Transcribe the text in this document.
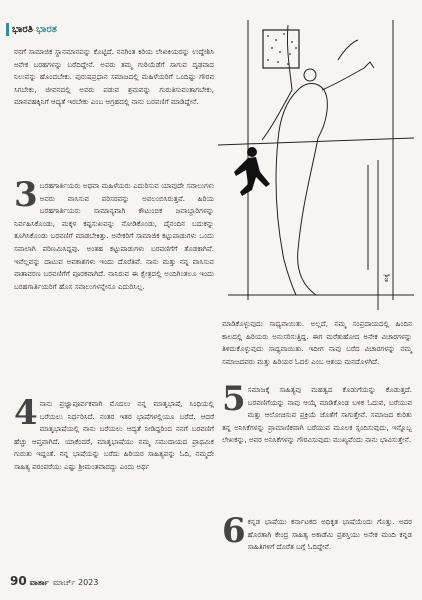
ಭಾರತಿ ಭಾರತ

ನನಗೆ ಸಾಮಾಜಿಕ ಸ್ಥಾನಮಾನವನ್ನು ಕೊಟ್ಟಿದೆ. ನನಗಿಂತ ಕಿರಿಯ ಲೇಖಕಿಯರನ್ನು ಉದ್ದೇಶಿಸಿ ಅನೇಕ ಬರಹಗಳನ್ನು ಬರೆದಿದ್ದೇನೆ. ಅವರು ತಮ್ಮ ಗುರಿಯೆಡೆಗೆ ಸಾಗುವ ದೃಢವಾದ ನಿಲುವನ್ನು ಹೊಂದಬೇಕು. ಪುರುಷಪ್ರಧಾನ ಸಮಾಜದಲ್ಲಿ ಮಹಿಳೆಯರಿಗೆ ಒಂದಿಷ್ಟು ಗೌರವ ಸಿಗಬೇಕು, ಜೀವನದಲ್ಲಿ ಅವರು ಪಡುವ ಶ್ರಮವನ್ನು ಗುರುತಿಸುವಂತಾಗಬೇಕು, ಮಾನವಹಕ್ಕಿನಿಗೆ ಆದ್ಯತೆ ಇರಬೇಕು ಎಂಬ ಆಗ್ರಹದಲ್ಲಿ ನಾನು ಬರವಣಿಗೆ ಮಾಡಿದ್ದೇನೆ.

3 ಬರಹಗಾರ್ತಿಯರು ಅಥವಾ ಮಹಿಳೆಯರು ಎದುರಿಸುವ ಯಾವುದೇ ಸವಾಲುಗಳು ಅವರು ವಾಸಿಸುವ ಪರಿಸರವನ್ನು ಅವಲಂಬಿಸಿರುತ್ತವೆ. ಹಿರಿಯ ಬರಹಗಾರ್ತಿಯರು ಸಾಮಾನ್ಯವಾಗಿ ಕೌಟುಂಬಿಕ ಜವಾಬ್ದಾರಿಗಳನ್ನು ನಿರ್ವಹಿಸಿಕೊಂಡು, ಮಕ್ಕಳ ಕಷ್ಟಸುಖವನ್ನು ನೋಡಿಕೊಂಡು, ದೈನಂದಿನ ಬದುಕನ್ನು ತೂಗಿಸಿಕೊಂಡು ಬರವಣಿಗೆ ಮಾಡಬೇಕಿತ್ತು. ಅನೇಕರಿಗೆ ಸಾಮಾಜಿಕ ಕಟ್ಟುಪಾಡುಗಳು ಒಂದು ಸವಾಲಾಗಿ ಪರಿಣಮಿಸಿದ್ದವು. ಅಂತಹ ಕಟ್ಟುಪಾಡುಗಳು ಬರವಣಿಗೆಗೆ ತೊಡಕಾಗಿವೆ. ಇವೆಲ್ಲವನ್ನು ದಾಟುವ ಅವಕಾಶಗಳು ಇಂದು ದೊರೆತಿವೆ. ನಾನು ಮತ್ತು ನನ್ನ ವಾಸಿಸುವ ವಾತಾವರಣ ಬರವಣಿಗೆಗೆ ಪೂರಕವಾಗಿದೆ. ನಾನಿರುವ ಈ ಕ್ಷೇತ್ರದಲ್ಲಿ ಅಂದಿಗಿಂತಲೂ ಇಂದು ಬರಹಗಾರ್ತಿಯರಿಗೆ ಹೊಸ ಸವಾಲುಗಳನ್ನೇನೂ ಎದುರಿಸಿಲ್ಲ.

4 ನಾನು ಪ್ರಜ್ಞಾಪೂರ್ವಕವಾಗಿ ಮೊದಲು ನನ್ನ ಮಾತೃಭಾಷೆ, ಸಿಂಧಿಯಲ್ಲಿ ಬರೆಯಲು ನಿರ್ಧರಿಸಿದೆ. ನಂತರ ಇತರ ಭಾಷೆಗಳಲ್ಲಿಯೂ ಬರೆದೆ. ಆದರೆ ಮಾತೃಭಾಷೆಯಲ್ಲಿ ನಾನು ಬರೆಯಲು ಆದ್ಯತೆ ನೀಡಿದ್ದರಿಂದ ನನಗೆ ಬರವಣಿಗೆ ಹೆಚ್ಚು ಆಪ್ತವಾಗಿದೆ. ಯಾಕೆಂದರೆ, ಮಾತೃಭಾಷೆಯು ನಮ್ಮ ಸಮುದಾಯದ ಪ್ರಾಥಮಿಕ ಗುರುತು ಇದ್ದಂತೆ. ನನ್ನ ಭಾಷೆಯನ್ನು ಬರೆದು ಹಿರಿಯರ ಸಾಹಿತ್ಯವನ್ನು ಓದಿ, ನಮ್ಮದೇ ಸಾಹಿತ್ಯ ಪರಂಪರೆಯು ಎಷ್ಟು ಶ್ರೀಮಂತವಾದದ್ದು ಎಂದು ಅರ್ಥ

ಕುಕ್ಕೆ

ಮಾಡಿಕೊಳ್ಳುವುದು ಸಾಧ್ಯವಾಯಿತು. ಅಲ್ಲದೆ, ನಮ್ಮ ಸಂಪ್ರದಾಯದಲ್ಲಿ ಹಿಂದಿನ ಕಾಲದಲ್ಲಿ ಹಿರಿಯರು ಅನುಸರಿಸುತ್ತಿದ್ದ. ಈಗ ಮರೆತುಹೋದ ಅನೇಕ ವಿಚಾರಗಳನ್ನು ತಿಳಿದುಕೊಳ್ಳುವುದು ಸಾಧ್ಯವಾಯಿತು. ಇದೀಗ ನಾವು ಬರೆದ ವಿಚಾರಗಳನ್ನು ನಮ್ಮ ಸಮಾಜದವರು ಮತ್ತು ಹಿರಿಯರ ಓದಲಿ ಎಂಬ ಆಶಯ ಮನದೊಳಗಿದೆ.

5 ಸಮಾಜಕ್ಕೆ ಸಾಹಿತ್ಯವು ಮಹತ್ವದ ಕೊಡುಗೆಯನ್ನು ಕೊಡುತ್ತದೆ. ಬರವಣಿಗೆಯನ್ನು ನಾವು ಆಯ್ಕೆ ಮಾಡಿಕೊಂಡ ಬಳಿಕ ಓದುವ, ಬರೆಯುವ ಮತ್ತು ಆಲೋಚಿಸುವ ಪ್ರಕ್ರಿಯೆ ಜೊತೆಗೆ ಸಾಗುತ್ತೇವೆ. ಸಮಾಜದ ಕುರಿತು ತನ್ನ ಅನಿಸಿಕೆಗಳನ್ನು ಪ್ರಾಮಾಣಿಕವಾಗಿ ಬರೆಯುವ ಮೂಲಕ ಸ್ಪಂದಿಸುವುದು, ಇನ್ನೊಬ್ಬ ಲೇಖಕನ್ನು, ಅವರ ಅನಿಸಿಕೆಗಳನ್ನು ಗೌರವಿಸುವುದು ಮುಖ್ಯವೆಂದು ನಾನು ಭಾವಿಸುತ್ತೇನೆ.

6 ಕನ್ನಡ ಭಾಷೆಯು ಕರ್ನಾಟಕದ ಅಧಿಕೃತ ಭಾಷೆಯೆಂದು ಗೊತ್ತು. ಅದರ ಹೊರತಾಗಿ ಕೇಂದ್ರ ಸಾಹಿತ್ಯ ಅಕಾಡೆಮಿ ಪ್ರಶಸ್ತಿಯು ಅನೇಕ ಮಂದಿ ಕನ್ನಡ ಸಾಹಿತಿಗಳಿಗೆ ದೊರೆತ ಬಗ್ಗೆ ಓದಿದ್ದೇನೆ.

90 ವಾರ್ತಾ ಮಾರ್ಚ್ 2023
